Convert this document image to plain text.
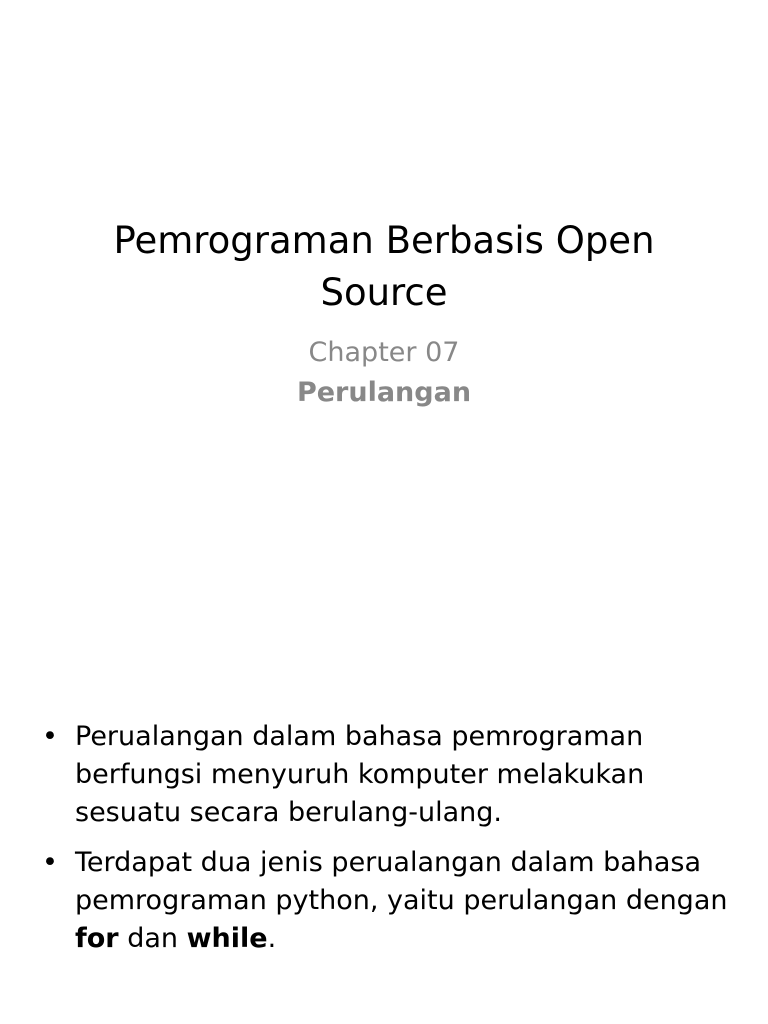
Pemrograman Berbasis Open Source
Chapter 07
Perulangan
• Perualangan dalam bahasa pemrograman berfungsi menyuruh komputer melakukan sesuatu secara berulang-ulang.
• Terdapat dua jenis perualangan dalam bahasa pemrograman python, yaitu perulangan dengan for dan while.
